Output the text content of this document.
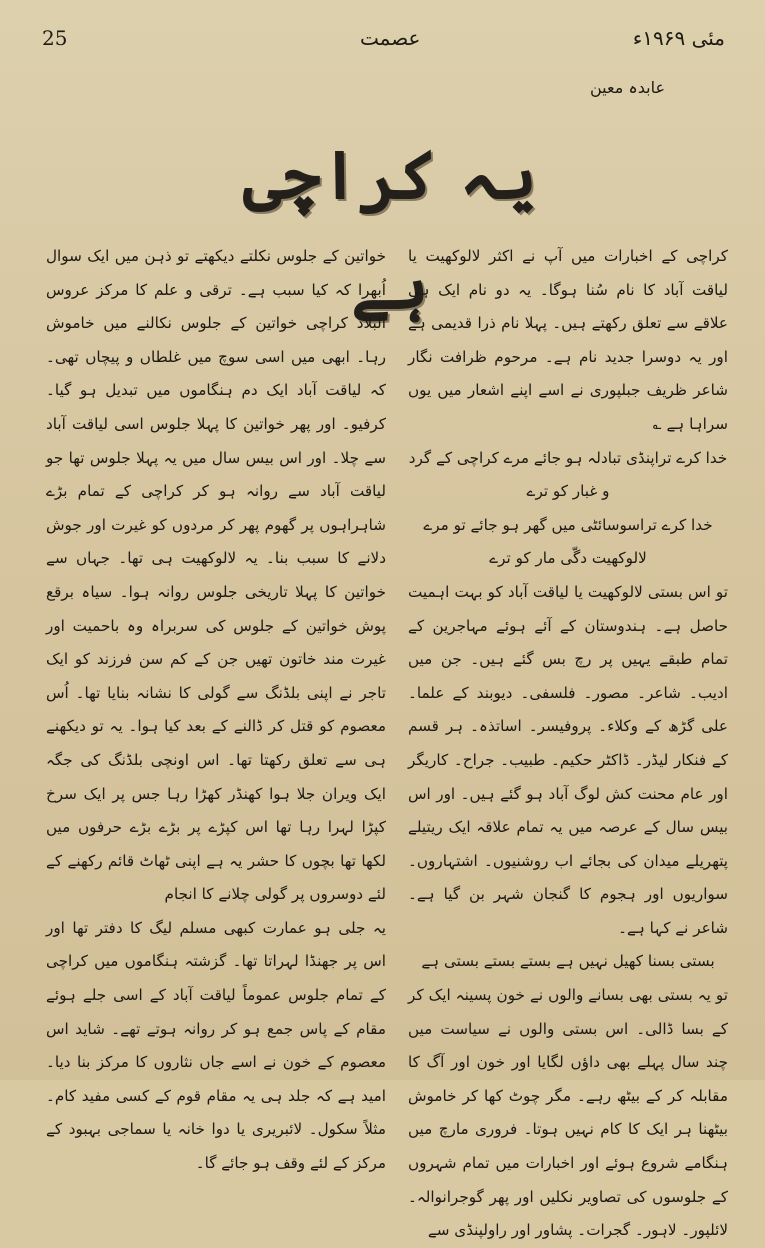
25	عصمت	مئی ۱۹۶۹ء
عابدہ معین
یہ کراچی ہے

کراچی کے اخبارات میں آپ نے اکثر لالوکھیت یا لیاقت آباد کا نام سُنا ہوگا۔ یہ دو نام ایک ہی علاقے سے تعلق رکھتے ہیں۔ پہلا نام ذرا قدیمی ہے اور یہ دوسرا جدید نام ہے۔ مرحوم ظرافت نگار شاعر ظریف جبلپوری نے اسے اپنے اشعار میں یوں سراہا ہے ؎

خدا کرے تراپنڈی تبادلہ ہو جائے مرے کراچی کے گرد و غبار کو ترے

خدا کرے تراسوسائٹی میں گھر ہو جائے تو مرے لالوکھیت دگّی مار کو ترے

تو اس بستی لالوکھیت یا لیاقت آباد کو بہت اہمیت حاصل ہے۔ ہندوستان کے آئے ہوئے مہاجرین کے تمام طبقے یہیں پر رچ بس گئے ہیں۔ جن میں ادیب۔ شاعر۔ مصور۔ فلسفی۔ دیوبند کے علما۔ علی گڑھ کے وکلاء۔ پروفیسر۔ اساتذہ۔ ہر قسم کے فنکار لیڈر۔ ڈاکٹر حکیم۔ طبیب۔ جراح۔ کاریگر اور عام محنت کش لوگ آباد ہو گئے ہیں۔ اور اس بیس سال کے عرصہ میں یہ تمام علاقہ ایک ریتیلے پتھریلے میدان کی بجائے اب روشنیوں۔ اشتہاروں۔ سواریوں اور ہجوم کا گنجان شہر بن گیا ہے۔ شاعر نے کہا ہے۔

بستی بسنا کھیل نہیں ہے بستے بستے بستی ہے

تو یہ بستی بھی بسانے والوں نے خون پسینہ ایک کر کے بسا ڈالی۔ اس بستی والوں نے سیاست میں چند سال پہلے بھی داؤں لگایا اور خون اور آگ کا مقابلہ کر کے بیٹھ رہے۔ مگر چوٹ کھا کر خاموش بیٹھنا ہر ایک کا کام نہیں ہوتا۔ فروری مارچ میں ہنگامے شروع ہوئے اور اخبارات میں تمام شہروں کے جلوسوں کی تصاویر نکلیں اور پھر گوجرانوالہ۔ لائلپور۔ لاہور۔ گجرات۔ پشاور اور راولپنڈی سے

خواتین کے جلوس نکلتے دیکھتے تو ذہن میں ایک سوال اُبھرا کہ کیا سبب ہے۔ ترقی و علم کا مرکز عروس البلاد کراچی خواتین کے جلوس نکالنے میں خاموش رہا۔ ابھی میں اسی سوچ میں غلطاں و پیچاں تھی۔ کہ لیاقت آباد ایک دم ہنگاموں میں تبدیل ہو گیا۔ کرفیو۔ اور پھر خواتین کا پہلا جلوس اسی لیاقت آباد سے چلا۔ اور اس بیس سال میں یہ پہلا جلوس تھا جو لیاقت آباد سے روانہ ہو کر کراچی کے تمام بڑے شاہراہوں پر گھوم پھر کر مردوں کو غیرت اور جوش دلانے کا سبب بنا۔ یہ لالوکھیت ہی تھا۔ جہاں سے خواتین کا پہلا تاریخی جلوس روانہ ہوا۔ سیاہ برقع پوش خواتین کے جلوس کی سربراہ وہ باحمیت اور غیرت مند خاتون تھیں جن کے کم سن فرزند کو ایک تاجر نے اپنی بلڈنگ سے گولی کا نشانہ بنایا تھا۔ اُس معصوم کو قتل کر ڈالنے کے بعد کیا ہوا۔ یہ تو دیکھنے ہی سے تعلق رکھتا تھا۔ اس اونچی بلڈنگ کی جگہ ایک ویران جلا ہوا کھنڈر کھڑا رہا جس پر ایک سرخ کپڑا لہرا رہا تھا اس کپڑے پر بڑے بڑے حرفوں میں لکھا تھا بچوں کا حشر یہ ہے اپنی ٹھاٹ قائم رکھنے کے لئے دوسروں پر گولی چلانے کا انجام

یہ جلی ہو عمارت کبھی مسلم لیگ کا دفتر تھا اور اس پر جھنڈا لہراتا تھا۔ گزشتہ ہنگاموں میں کراچی کے تمام جلوس عموماً لیاقت آباد کے اسی جلے ہوئے مقام کے پاس جمع ہو کر روانہ ہوتے تھے۔ شاید اس معصوم کے خون نے اسے جاں نثاروں کا مرکز بنا دیا۔ امید ہے کہ جلد ہی یہ مقام قوم کے کسی مفید کام۔ مثلاً سکول۔ لائبریری یا دوا خانہ یا سماجی بہبود کے مرکز کے لئے وقف ہو جائے گا۔
